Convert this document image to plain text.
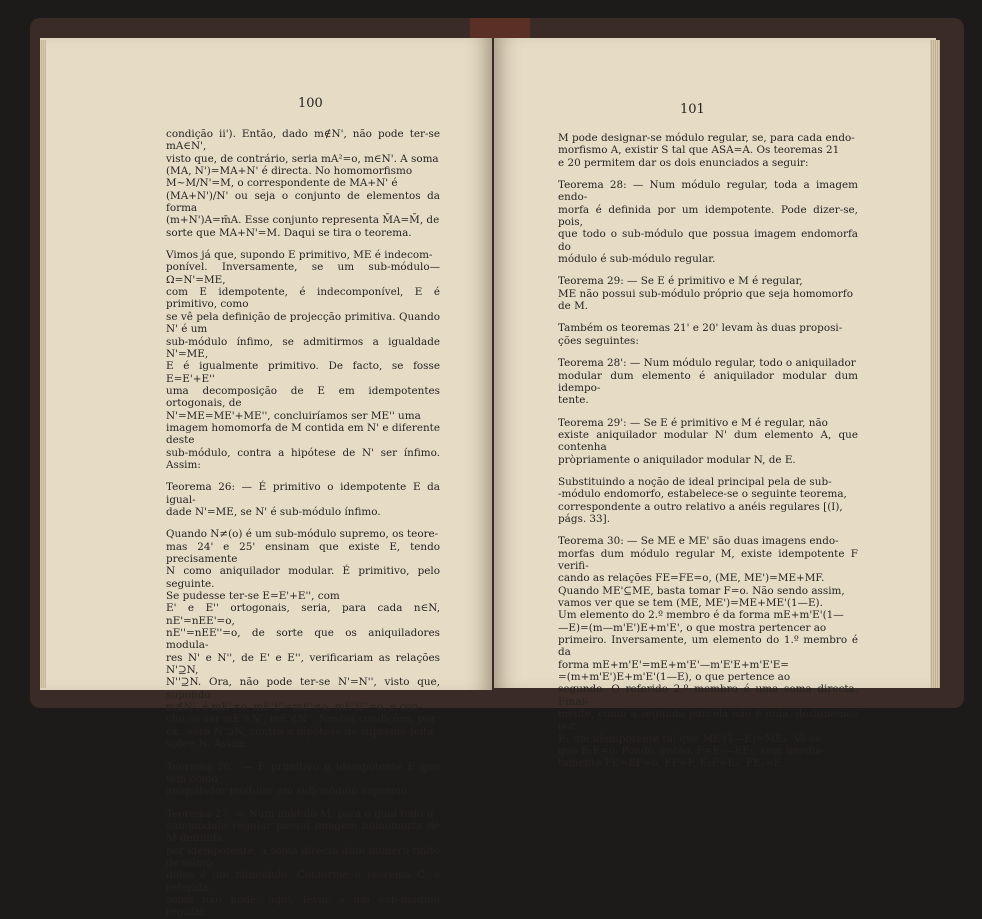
100

condição ii'). Então, dado m∉N', não pode ter-se mA∈N',

visto que, de contrário, seria mA²=o, m∈N'. A soma

(MA, N')=MA+N' é directa. No homomorfismo

M~M/N'=M, o correspondente de MA+N' é

(MA+N')/N' ou seja o conjunto de elementos da forma

(m+N')A=m̄A. Esse conjunto representa M̄A=M̄, de

sorte que MA+N'=M. Daqui se tira o teorema.

Vimos já que, supondo E primitivo, ME é indecom-

ponível. Inversamente, se um sub-módulo—Ω=N'=ME,

com E idempotente, é indecomponível, E é primitivo, como

se vê pela definição de projecção primitiva. Quando N' é um

sub-módulo ínfimo, se admitirmos a igualdade N'=ME,

E é igualmente primitivo. De facto, se fosse E=E'+E''

uma decomposição de E em idempotentes ortogonais, de

N'=ME=ME'+ME'', concluiríamos ser ME'' uma

imagem homomorfa de M contida em N' e diferente deste

sub-módulo, contra a hipótese de N' ser ínfimo. Assim:

Teorema 26: — É primitivo o idempotente E da igual-

dade N'=ME, se N' é sub-módulo ínfimo.

Quando N≠(o) é um sub-módulo supremo, os teore-

mas 24' e 25' ensinam que existe E, tendo precisamente

N como aniquilador modular. É primitivo, pelo seguinte.

Se pudesse ter-se E=E'+E'', com

E' e E'' ortogonais, seria, para cada n∈N, nE'=nEE'=o,

nE''=nEE''=o, de sorte que os aniquiladores modula-

res N' e N'', de E' e E'', verificariam as relações N'⊇N,

N''⊇N. Ora, não pode ter-se N'=N'', visto que, supondo

m∉N', é mE'≠o, mE'E'=mE'≠o, mE'E''=o, e con-

clui-se ser mE'∈N', mE'∈N''. Nestas condições, por

ex., será N'⊃N, contra a hipótese de supremo feita

sobre N. Assim:

Teorema 26': — É primitivo o idempotente E que tem como

aniquilador modular um sub-módulo supremo.

Teorema 27: — Num módulo M, para o qual todo o

sub-módulo regular possui imagem homomorfa de M definida

por idempotente, a soma directa dum número finito de nilmó-

dulos é um nilmódulo. Conforme o teorema C, a referida

soma não pode, aqui, levar a um sub-módulo regular.

101

M pode designar-se módulo regular, se, para cada endo-

morfismo A, existir S tal que ASA=A. Os teoremas 21

e 20 permitem dar os dois enunciados a seguir:

Teorema 28: — Num módulo regular, toda a imagem endo-

morfa é definida por um idempotente. Pode dizer-se, pois,

que todo o sub-módulo que possua imagem endomorfa do

módulo é sub-módulo regular.

Teorema 29: — Se E é primitivo e M é regular,

ME não possui sub-módulo próprio que seja homomorfo

de M.

Também os teoremas 21' e 20' levam às duas proposi-

ções seguintes:

Teorema 28': — Num módulo regular, todo o aniquilador

modular dum elemento é aniquilador modular dum idempo-

tente.

Teorema 29': — Se E é primitivo e M é regular, não

existe aniquilador modular N' dum elemento A, que contenha

pròpriamente o aniquilador modular N, de E.

Substituindo a noção de ideal principal pela de sub-

-módulo endomorfo, estabelece-se o seguinte teorema,

correspondente a outro relativo a anéis regulares [(I),

págs. 33].

Teorema 30: — Se ME e ME' são duas imagens endo-

morfas dum módulo regular M, existe idempotente F verifi-

cando as relações FE=FE=o, (ME, ME')=ME+MF.

Quando ME'⊆ME, basta tomar F=o. Não sendo assim,

vamos ver que se tem (ME, ME')=ME+ME'(1—E).

Um elemento do 2.º membro é da forma mE+m'E'(1—

—E)=(m—m'E')E+m'E', o que mostra pertencer ao

primeiro. Inversamente, um elemento do 1.º membro é da

forma mE+m'E'=mE+m'E'—m'E'E+m'E'E=

=(m+m'E')E+m'E'(1—E), o que pertence ao

segundo. O referido 2.º membro é uma soma directa. Final-

mente, como a segunda parcela não é nula, designemos por

E₁ um idempotente tal que ME'(1—E)=ME₁. Vê-se

que E₁E=o. Pondo, então, F=E₁—EE₁, vem imedia-

tamente FE=EF=o, FF=F, E₁F=E₁, FE₁=F,
